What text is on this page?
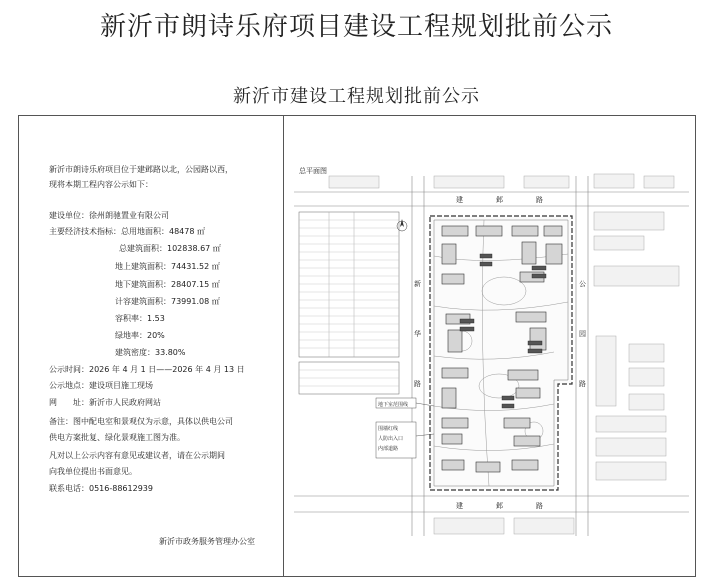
新沂市朗诗乐府项目建设工程规划批前公示
新沂市建设工程规划批前公示
新沂市朗诗乐府项目位于建邺路以北，公园路以西，
现将本期工程内容公示如下：
建设单位：徐州朗驰置业有限公司
主要经济技术指标：总用地面积：48478 ㎡
总建筑面积：102838.67 ㎡
地上建筑面积：74431.52 ㎡
地下建筑面积：28407.15 ㎡
计容建筑面积：73991.08 ㎡
容积率：1.53
绿地率：20%
建筑密度：33.80%
公示时间：2026 年 4 月 1 日——2026 年 4 月 13 日
公示地点：建设项目施工现场
网　　址：新沂市人民政府网站
备注：图中配电室和景观仅为示意，具体以供电公司
供电方案批复、绿化景观施工图为准。
凡对以上公示内容有意见或建议者，请在公示期间
向我单位提出书面意见。
联系电话：0516-88612939
新沂市政务服务管理办公室
总平面图
地下室范围线
围墙红线
人防出入口
内部道路
建	邺	路
建	邺	路
公
园
路
新
华
路
